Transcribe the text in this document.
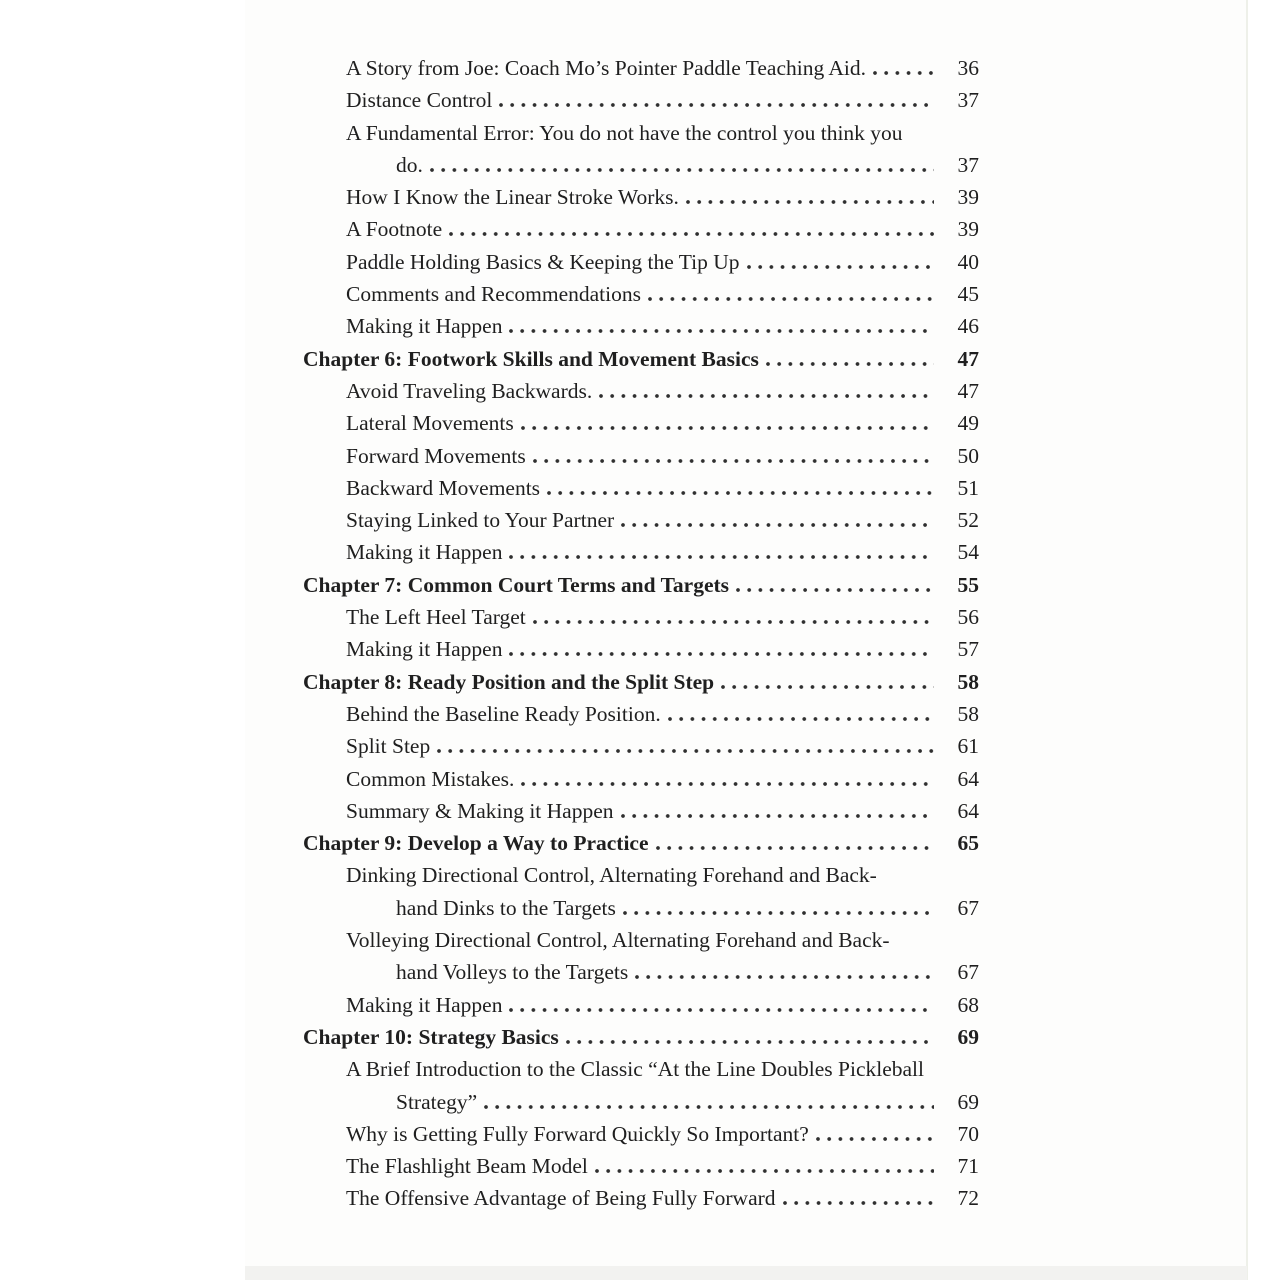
A Story from Joe: Coach Mo’s Pointer Paddle Teaching Aid.	36
Distance Control	37
A Fundamental Error: You do not have the control you think you
do.	37
How I Know the Linear Stroke Works.	39
A Footnote	39
Paddle Holding Basics & Keeping the Tip Up	40
Comments and Recommendations	45
Making it Happen	46
Chapter 6: Footwork Skills and Movement Basics	47
Avoid Traveling Backwards.	47
Lateral Movements	49
Forward Movements	50
Backward Movements	51
Staying Linked to Your Partner	52
Making it Happen	54
Chapter 7: Common Court Terms and Targets	55
The Left Heel Target	56
Making it Happen	57
Chapter 8: Ready Position and the Split Step	58
Behind the Baseline Ready Position.	58
Split Step	61
Common Mistakes.	64
Summary & Making it Happen	64
Chapter 9: Develop a Way to Practice	65
Dinking Directional Control, Alternating Forehand and Back-
hand Dinks to the Targets	67
Volleying Directional Control, Alternating Forehand and Back-
hand Volleys to the Targets	67
Making it Happen	68
Chapter 10: Strategy Basics	69
A Brief Introduction to the Classic “At the Line Doubles Pickleball
Strategy”	69
Why is Getting Fully Forward Quickly So Important?	70
The Flashlight Beam Model	71
The Offensive Advantage of Being Fully Forward	72
